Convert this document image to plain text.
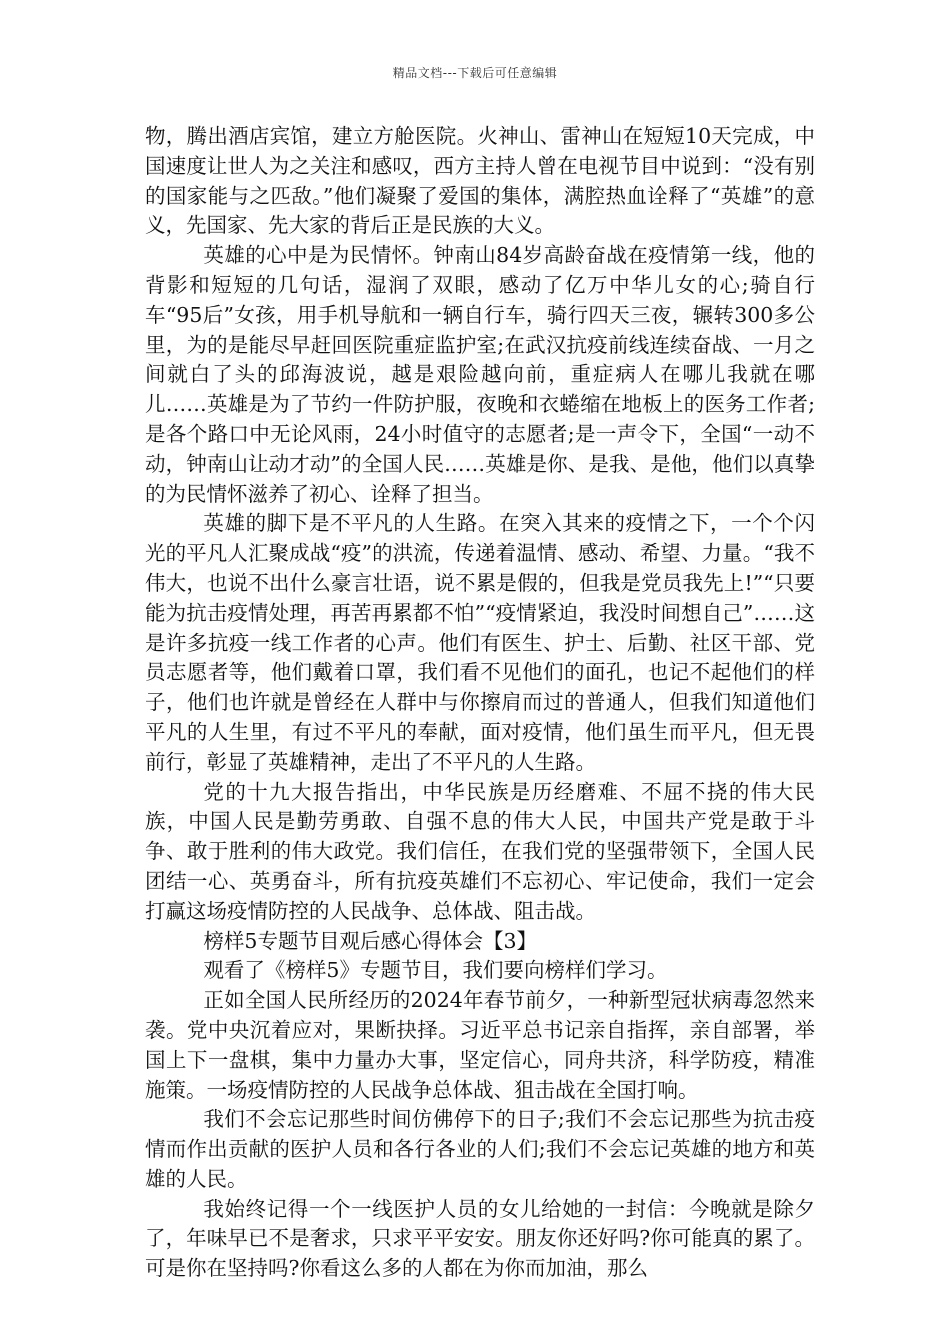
精品文档---下载后可任意编辑

物，腾出酒店宾馆，建立方舱医院。火神山、雷神山在短短10天完成，中国速度让世人为之关注和感叹，西方主持人曾在电视节目中说到：“没有别的国家能与之匹敌。”他们凝聚了爱国的集体，满腔热血诠释了“英雄”的意义，先国家、先大家的背后正是民族的大义。

英雄的心中是为民情怀。钟南山84岁高龄奋战在疫情第一线，他的背影和短短的几句话，湿润了双眼，感动了亿万中华儿女的心;骑自行车“95后”女孩，用手机导航和一辆自行车，骑行四天三夜，辗转300多公里，为的是能尽早赶回医院重症监护室;在武汉抗疫前线连续奋战、一月之间就白了头的邱海波说，越是艰险越向前，重症病人在哪儿我就在哪儿……英雄是为了节约一件防护服，夜晚和衣蜷缩在地板上的医务工作者;是各个路口中无论风雨，24小时值守的志愿者;是一声令下，全国“一动不动，钟南山让动才动”的全国人民……英雄是你、是我、是他，他们以真挚的为民情怀滋养了初心、诠释了担当。

英雄的脚下是不平凡的人生路。在突入其来的疫情之下，一个个闪光的平凡人汇聚成战“疫”的洪流，传递着温情、感动、希望、力量。“我不伟大，也说不出什么豪言壮语，说不累是假的，但我是党员我先上!”“只要能为抗击疫情处理，再苦再累都不怕”“疫情紧迫，我没时间想自己”……这是许多抗疫一线工作者的心声。他们有医生、护士、后勤、社区干部、党员志愿者等，他们戴着口罩，我们看不见他们的面孔，也记不起他们的样子，他们也许就是曾经在人群中与你擦肩而过的普通人，但我们知道他们平凡的人生里，有过不平凡的奉献，面对疫情，他们虽生而平凡，但无畏前行，彰显了英雄精神，走出了不平凡的人生路。

党的十九大报告指出，中华民族是历经磨难、不屈不挠的伟大民族，中国人民是勤劳勇敢、自强不息的伟大人民，中国共产党是敢于斗争、敢于胜利的伟大政党。我们信任，在我们党的坚强带领下，全国人民团结一心、英勇奋斗，所有抗疫英雄们不忘初心、牢记使命，我们一定会打赢这场疫情防控的人民战争、总体战、阻击战。

榜样5专题节目观后感心得体会【3】

观看了《榜样5》专题节目，我们要向榜样们学习。

正如全国人民所经历的2024年春节前夕，一种新型冠状病毒忽然来袭。党中央沉着应对，果断抉择。习近平总书记亲自指挥，亲自部署，举国上下一盘棋，集中力量办大事，坚定信心，同舟共济，科学防疫，精准施策。一场疫情防控的人民战争总体战、狙击战在全国打响。

我们不会忘记那些时间仿佛停下的日子;我们不会忘记那些为抗击疫情而作出贡献的医护人员和各行各业的人们;我们不会忘记英雄的地方和英雄的人民。

我始终记得一个一线医护人员的女儿给她的一封信：今晚就是除夕了，年味早已不是奢求，只求平平安安。朋友你还好吗?你可能真的累了。可是你在坚持吗?你看这么多的人都在为你而加油，那么
